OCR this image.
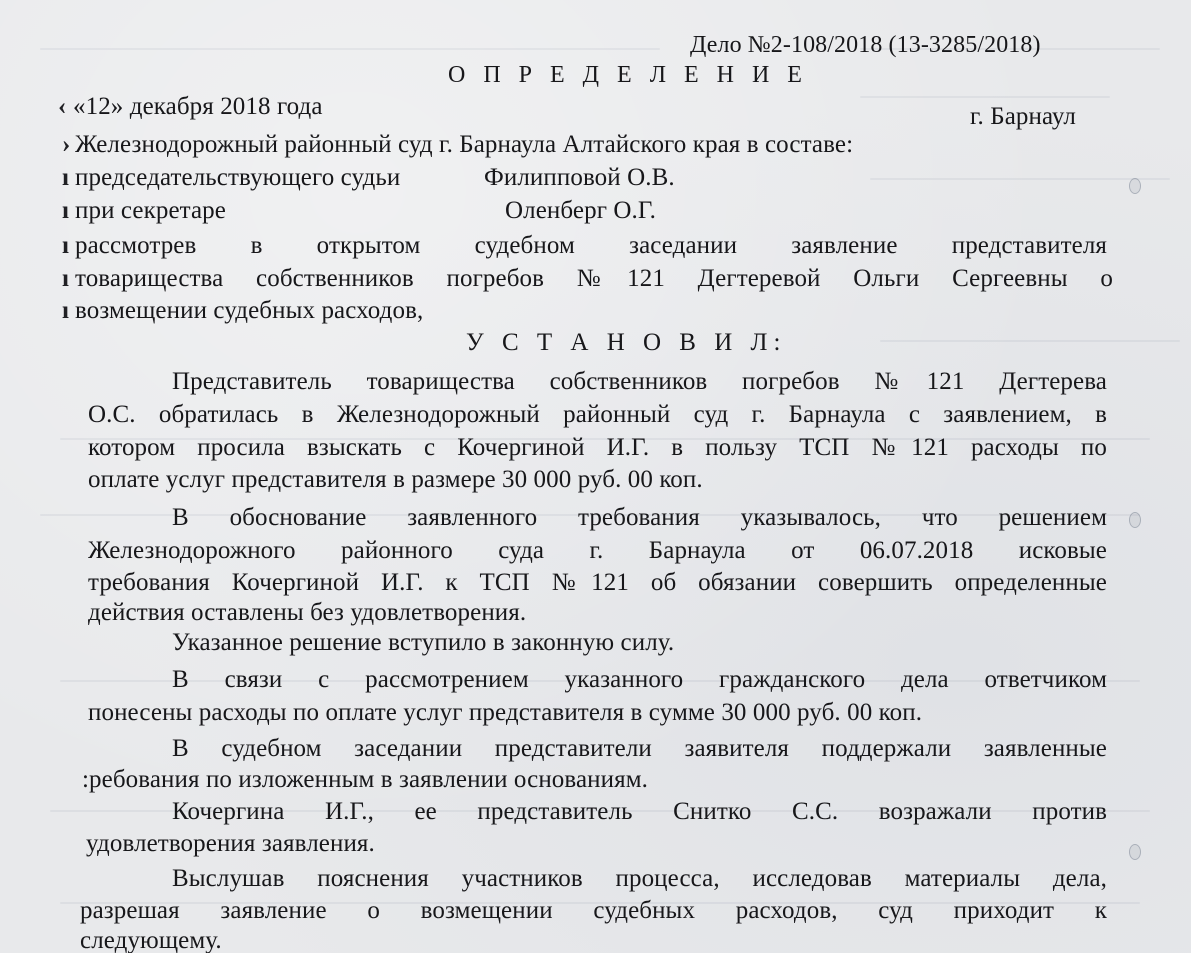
Дело №2-108/2018 (13-3285/2018)
О П Р Е Д Е Л Е Н И Е
«12» декабря 2018 года	г. Барнаул
‹
›
ı
ı
ı
ı
ı
Железнодорожный районный суд г. Барнаула Алтайского края в составе:
председательствующего судьи	Филипповой О.В.
при секретаре	Оленберг О.Г.
рассмотрев в открытом судебном заседании заявление представителя
товарищества собственников погребов №121 Дегтеревой Ольги Сергеевны о
возмещении судебных расходов,
У С Т А Н О В И Л:
Представитель товарищества собственников погребов №121 Дегтерева
О.С. обратилась в Железнодорожный районный суд г. Барнаула с заявлением, в
котором просила взыскать с Кочергиной И.Г. в пользу ТСП №121 расходы по
оплате услуг представителя в размере 30 000 руб. 00 коп.
В обоснование заявленного требования указывалось, что решением
Железнодорожного районного суда г. Барнаула от 06.07.2018 исковые
требования Кочергиной И.Г. к ТСП №121 об обязании совершить определенные
действия оставлены без удовлетворения.
Указанное решение вступило в законную силу.
В связи с рассмотрением указанного гражданского дела ответчиком
понесены расходы по оплате услуг представителя в сумме 30 000 руб. 00 коп.
В судебном заседании представители заявителя поддержали заявленные
:ребования по изложенным в заявлении основаниям.
Кочергина И.Г., ее представитель Снитко С.С. возражали против
удовлетворения заявления.
Выслушав пояснения участников процесса, исследовав материалы дела,
разрешая заявление о возмещении судебных расходов, суд приходит к
следующему.
